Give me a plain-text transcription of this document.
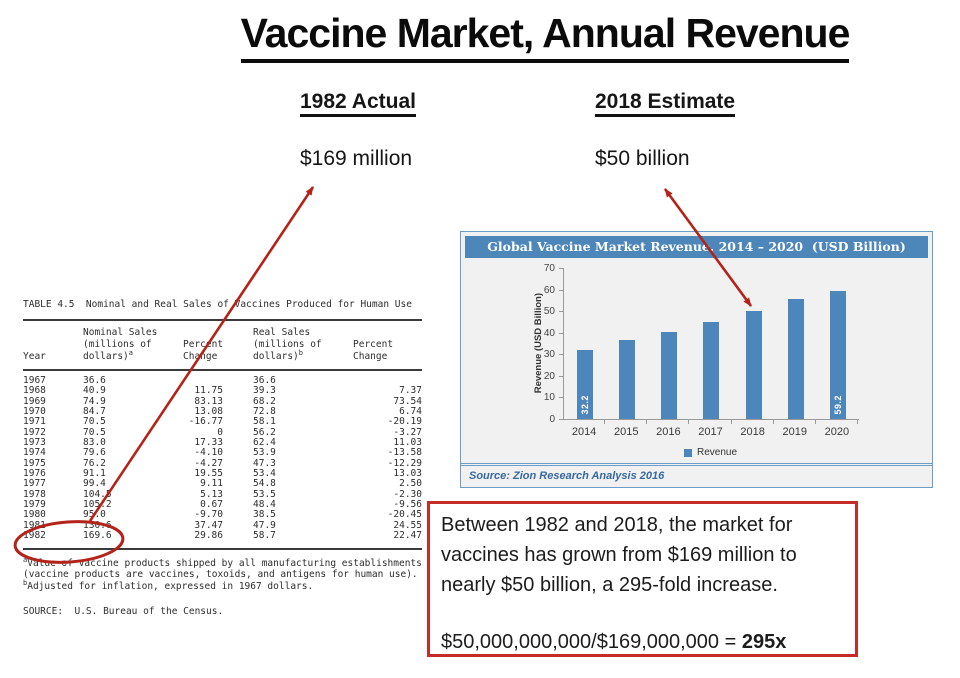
Vaccine Market, Annual Revenue
1982 Actual	2018 Estimate
$169 million	$50 billion
TABLE 4.5  Nominal and Real Sales of Vaccines Produced for Human Use
	Nominal Sales		Real Sales	
	(millions of	Percent	(millions of	Percent
Year	dollars)$^a$	Change	dollars)$^b$	Change
1967	36.6		36.6	
1968	40.9	11.75	39.3	7.37
1969	74.9	83.13	68.2	73.54
1970	84.7	13.08	72.8	6.74
1971	70.5	-16.77	58.1	-20.19
1972	70.5	0	56.2	-3.27
1973	83.0	17.33	62.4	11.03
1974	79.6	-4.10	53.9	-13.58
1975	76.2	-4.27	47.3	-12.29
1976	91.1	19.55	53.4	13.03
1977	99.4	9.11	54.8	2.50
1978	104.5	5.13	53.5	-2.30
1979	105.2	0.67	48.4	-9.56
1980	95.0	-9.70	38.5	-20.45
1981	130.6	37.47	47.9	24.55
1982	169.6	29.86	58.7	22.47
$^a$Value of vaccine products shipped by all manufacturing establishments
(vaccine products are vaccines, toxoids, and antigens for human use).
$^b$Adjusted for inflation, expressed in 1967 dollars.
SOURCE:  U.S. Bureau of the Census.
Global Vaccine Market Revenue, 2014 – 2020  (USD Billion)
Revenue (USD Billion)
0
10
20
30
40
50
60
70
32.2	59.2
2014	2015	2016	2017	2018	2019	2020
Revenue
Source: Zion Research Analysis 2016

Between 1982 and 2018, the market for vaccines has grown from $169 million to nearly $50 billion, a 295-fold increase.

$50,000,000,000/$169,000,000 = 295x
